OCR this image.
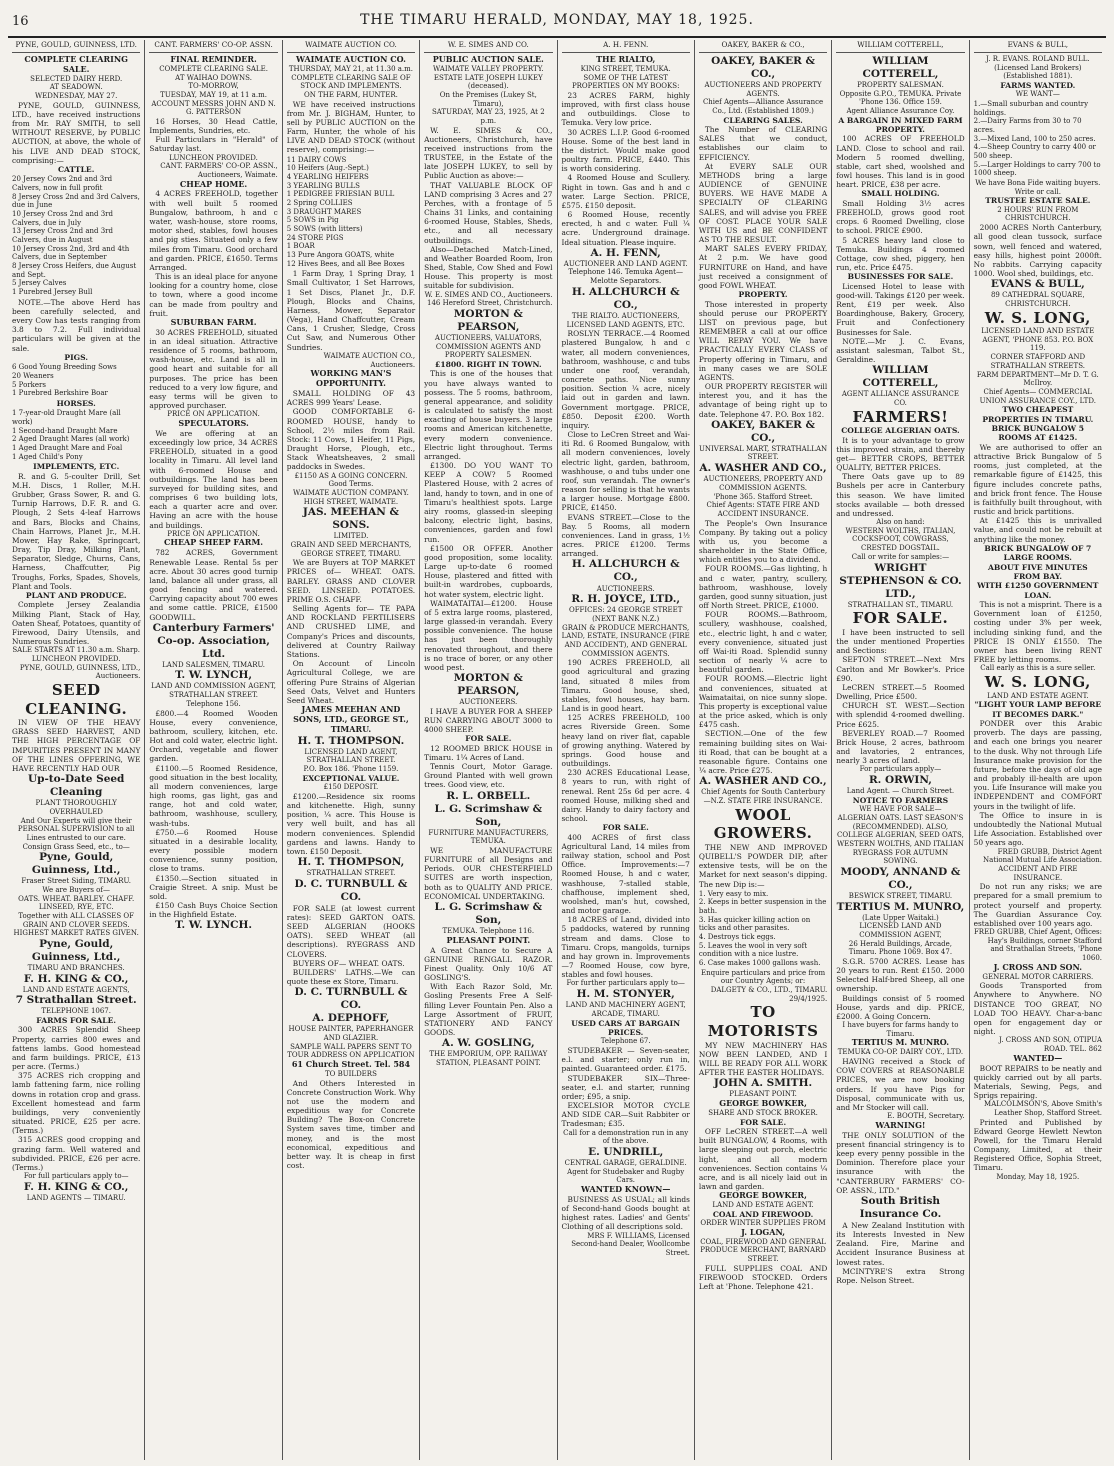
16	THE TIMARU HERALD, MONDAY, MAY 18, 1925.
PYNE, GOULD, GUINNESS, LTD.
COMPLETE CLEARING SALE.
SELECTED DAIRY HERD.
AT SEADOWN.
WEDNESDAY, MAY 27.
PYNE, GOULD, GUINNESS, LTD., have received instructions from Mr. RAY SMITH, to sell WITHOUT RESERVE, by PUBLIC AUCTION, at above, the whole of his LIVE AND DEAD STOCK, comprising:—
CATTLE.
20 Jersey Cows 2nd and 3rd Calvers, now in full profit
8 Jersey Cross 2nd and 3rd Calvers, due in June
10 Jersey Cross 2nd and 3rd Calvers, due in July
13 Jersey Cross 2nd and 3rd Calvers, due in August
10 Jersey Cross 2nd, 3rd and 4th Calvers, due in September
8 Jersey Cross Heifers, due August and Sept.
5 Jersey Calves
1 Purebred Jersey Bull
NOTE.—The above Herd has been carefully selected, and every Cow has tests ranging from 3.8 to 7.2. Full individual particulars will be given at the sale.
PIGS.
6 Good Young Breeding Sows
20 Weaners
5 Porkers
1 Purebred Berkshire Boar
HORSES.
1 7-year-old Draught Mare (all work)
1 Second-hand Draught Mare
2 Aged Draught Mares (all work)
1 Aged Draught Mare and Foal
1 Aged Child's Pony
IMPLEMENTS, ETC.
R. and G. 5-coulter Drill, Set M.H. Discs, 1 Roller, M.H. Grubber, Grass Sower, R. and G. Turnip Harrows, D.F. R. and G. Plough, 2 Sets 4-leaf Harrows and Bars, Blocks and Chains, Chain Harrows, Planet Jr., M.H. Mower, Hay Rake, Springcart, Dray, Tip Dray, Milking Plant, Separator, Sledge, Churns, Cans, Harness, Chaffcutter, Pig Troughs, Forks, Spades, Shovels, Plant and Tools.
PLANT AND PRODUCE.
Complete Jersey Zealandia Milking Plant, Stack of Hay, Oaten Sheaf, Potatoes, quantity of Firewood, Dairy Utensils, and Numerous Sundries.
SALE STARTS AT 11.30 a.m. Sharp.
LUNCHEON PROVIDED.
PYNE, GOULD, GUINNESS, LTD., Auctioneers.
SEED CLEANING.
IN VIEW OF THE HEAVY GRASS SEED HARVEST, AND THE HIGH PERCENTAGE OF IMPURITIES PRESENT IN MANY OF THE LINES OFFERING, WE HAVE RECENTLY HAD OUR
Up-to-Date Seed Cleaning
PLANT THOROUGHLY OVERHAULED
And Our Experts will give their PERSONAL SUPERVISION to all Lines entrusted to our care.
Consign Grass Seed, etc., to—
Pyne, Gould, Guinness, Ltd.,
Fraser Street Siding, TIMARU.
We are Buyers of—
OATS. WHEAT. BARLEY. CHAFF. LINSEED, RYE, ETC.
Together with ALL CLASSES OF GRAIN AND CLOVER SEEDS.
HIGHEST MARKET RATES GIVEN.
Pyne, Gould, Guinness, Ltd.,
TIMARU AND BRANCHES.
F. H. KING & CO.,
LAND AND ESTATE AGENTS,
7 Strathallan Street.
TELEPHONE 1067.
FARMS FOR SALE.
300 ACRES Splendid Sheep Property, carries 800 ewes and fattens lambs. Good homestead and farm buildings. PRICE, £13 per acre. (Terms.)
375 ACRES rich cropping and lamb fattening farm, nice rolling downs in rotation crop and grass. Excellent homestead and farm buildings, very conveniently situated. PRICE, £25 per acre. (Terms.)
315 ACRES good cropping and grazing farm. Well watered and subdivided. PRICE, £26 per acre. (Terms.)
For full particulars apply to—
F. H. KING & CO.,
LAND AGENTS — TIMARU.
CANT. FARMERS' CO-OP. ASSN.
FINAL REMINDER.
COMPLETE CLEARING SALE.
AT WAIHAO DOWNS.
TO-MORROW,
TUESDAY, MAY 19, at 11 a.m.
ACCOUNT MESSRS JOHN AND N. G. PATTERSON
16 Horses, 30 Head Cattle, Implements, Sundries, etc.
Full Particulars in "Herald" of Saturday last.
LUNCHEON PROVIDED.
CANT. FARMERS' CO-OP. ASSN., Auctioneers, Waimate.
CHEAP HOME.
4 ACRES FREEHOLD, together with well built 5 roomed Bungalow, bathroom, h and c water, wash-house, store rooms, motor shed, stables, fowl houses and pig sties. Situated only a few miles from Timaru. Good orchard and garden. PRICE, £1650. Terms Arranged.
This is an ideal place for anyone looking for a country home, close to town, where a good income can be made from poultry and fruit.
SUBURBAN FARM.
30 ACRES FREEHOLD, situated in an ideal situation. Attractive residence of 5 rooms, bathroom, wash-house, etc. Land is all in good heart and suitable for all purposes. The price has been reduced to a very low figure, and easy terms will be given to approved purchaser.
PRICE ON APPLICATION.
SPECULATORS.
We are offering at an exceedingly low price, 34 ACRES FREEHOLD, situated in a good locality in Timaru. All level land with 6-roomed House and outbuildings. The land has been surveyed for building sites, and comprises 6 two building lots, each a quarter acre and over. Having an acre with the house and buildings.
PRICE ON APPLICATION.
CHEAP SHEEP FARM.
782 ACRES, Government Renewable Lease. Rental 5s per acre. About 30 acres good turnip land, balance all under grass, all good fencing and watered. Carrying capacity about 700 ewes and some cattle. PRICE, £1500 GOODWILL.
Canterbury Farmers' Co-op. Association, Ltd.
LAND SALESMEN, TIMARU.
T. W. LYNCH,
LAND AND COMMISSION AGENT, STRATHALLAN STREET.
Telephone 156.
£800.—4 Roomed Wooden House, every convenience, bathroom, scullery, kitchen, etc. Hot and cold water, electric light. Orchard, vegetable and flower garden.
£1100.—5 Roomed Residence, good situation in the best locality, all modern conveniences, large high rooms, gas light, gas and range, hot and cold water, bathroom, washhouse, scullery, wash-tubs.
£750.—6 Roomed House situated in a desirable locality, every possible modern convenience, sunny position, close to trams.
£1350.—Section situated in Craigie Street. A snip. Must be sold.
£150 Cash Buys Choice Section in the Highfield Estate.
T. W. LYNCH.
WAIMATE AUCTION CO.
WAIMATE AUCTION CO.
THURSDAY, MAY 21, at 11.30 a.m.
COMPLETE CLEARING SALE OF STOCK AND IMPLEMENTS.
ON THE FARM, HUNTER.
WE have received instructions from Mr. J. BIGHAM, Hunter, to sell by PUBLIC AUCTION on the Farm, Hunter, the whole of his LIVE AND DEAD STOCK (without reserve), comprising:—
11 DAIRY COWS
10 Heifers (Aug.-Sept.)
4 YEARLING HEIFERS
3 YEARLING BULLS
1 PEDIGREE FRIESIAN BULL
2 Spring COLLIES
3 DRAUGHT MARES
5 SOWS in Pig
5 SOWS (with litters)
24 STORE PIGS
1 BOAR
13 Pure Angora GOATS, white
12 Hives Bees, and all Bee Boxes
1 Farm Dray, 1 Spring Dray, 1 Small Cultivator, 1 Set Harrows, 1 Set Discs, Planet Jr., D.F. Plough, Blocks and Chains, Harness, Mower, Separator (Vega), Hand Chaffcutter, Cream Cans, 1 Crusher, Sledge, Cross Cut Saw, and Numerous Other Sundries.
WAIMATE AUCTION CO., Auctioneers.
WORKING MAN'S OPPORTUNITY.
SMALL HOLDING OF 43 ACRES 999 Years' Lease.
GOOD COMFORTABLE 6-ROOMED HOUSE, handy to School, 2½ miles from Rail. Stock: 11 Cows, 1 Heifer, 11 Pigs, Draught Horse, Plough, etc., Stack Wheatsheaves, 2 small paddocks in Swedes.
£1150 AS A GOING CONCERN. Good Terms.
WAIMATE AUCTION COMPANY.
HIGH STREET, WAIMATE.
JAS. MEEHAN & SONS.
LIMITED.
GRAIN AND SEED MERCHANTS, GEORGE STREET, TIMARU.
We are Buyers at TOP MARKET PRICES of— WHEAT. OATS. BARLEY. GRASS AND CLOVER SEED. LINSEED. POTATOES. PRIME O.S. CHAFF.
Selling Agents for— TE PAPA AND ROCKLAND FERTILISERS AND CRUSHED LIME, and Company's Prices and discounts, delivered at Country Railway Stations.
On Account of Lincoln Agricultural College, we are offering Pure Strains of Algerian Seed Oats, Velvet and Hunters Seed Wheat.
JAMES MEEHAN AND SONS, LTD., GEORGE ST., TIMARU.
H. T. THOMPSON.
LICENSED LAND AGENT, STRATHALLAN STREET.
P.O. Box 186. 'Phone 1159.
EXCEPTIONAL VALUE.
£150 DEPOSIT.
£1200.—Residence six rooms and kitchenette. High, sunny position, ¼ acre. This House is very well built, and has all modern conveniences. Splendid gardens and lawns. Handy to town. £150 Deposit.
H. T. THOMPSON,
STRATHALLAN STREET.
D. C. TURNBULL & CO.
FOR SALE (at lowest current rates): SEED GARTON OATS. SEED ALGERIAN (HOOKS OATS). SEED WHEAT (all descriptions). RYEGRASS AND CLOVERS.
BUYERS OF— WHEAT. OATS.
BUILDERS' LATHS.—We can quote these ex Store, Timaru.
D. C. TURNBULL & CO.
A. DEPHOFF,
HOUSE PAINTER, PAPERHANGER AND GLAZIER.
SAMPLE WALL PAPERS SENT TO TOUR ADDRESS ON APPLICATION
61 Church Street. Tel. 584
TO BUILDERS
And Others Interested in Concrete Construction Work. Why not use the modern and expeditious way for Concrete Building? The Box-on Concrete System saves time, timber and money, and is the most economical, expeditious and better way. It is cheap in first cost.
W. E. SIMES AND CO.
PUBLIC AUCTION SALE.
WAIMATE VALLEY PROPERTY.
ESTATE LATE JOSEPH LUKEY (deceased).
On the Premises (Lukey St, Timaru),
SATURDAY, MAY 23, 1925, At 2 p.m.
W. E. SIMES & CO., Auctioneers, Christchurch, have received instructions from the TRUSTEE, in the Estate of the late JOSEPH LUKEY, to sell by Public Auction as above:—
THAT VALUABLE BLOCK OF LAND comprising 3 Acres and 27 Perches, with a frontage of 5 Chains 31 Links, and containing 6-roomed House, Stables, Sheds, etc., and all necessary outbuildings.
Also—Detached Match-Lined, and Weather Boarded Room, Iron Shed, Stable, Cow Shed and Fowl House. This property is most suitable for subdivision.
W. E. SIMES AND CO., Auctioneers. 146 Hereford Street, Christchurch.
MORTON & PEARSON,
AUCTIONEERS, VALUATORS, COMMISSION AGENTS AND PROPERTY SALESMEN.
£1800. RIGHT IN TOWN.
This is one of the houses that you have always wanted to possess. The 5 rooms, bathroom, general appearance, and solidity is calculated to satisfy the most exacting of house buyers. 3 large rooms and American kitchenette, every modern convenience. Electric light throughout. Terms arranged.
£1300. DO YOU WANT TO KEEP A COW? 5 Roomed Plastered House, with 2 acres of land, handy to town, and in one of Timaru's healthiest spots. Large airy rooms, glassed-in sleeping balcony, electric light, basins, conveniences, garden and fowl run.
£1500 OR OFFER. Another good proposition, some locality. Large up-to-date 6 roomed House, plastered and fitted with built-in wardrobes, cupboards, hot water system, electric light.
WAIMATAITAI—£1200. House of 5 extra large rooms, plastered, large glassed-in verandah. Every possible convenience. The house has just been thoroughly renovated throughout, and there is no trace of borer, or any other wood pest.
MORTON & PEARSON,
AUCTIONEERS.
I HAVE A BUYER FOR A SHEEP RUN CARRYING ABOUT 3000 to 4000 SHEEP.
FOR SALE.
12 ROOMED BRICK HOUSE in Timaru. 1¼ Acres of Land.
Tennis Court, Motor Garage. Ground Planted with well grown trees. Good view, etc.
R. L. ORBELL.
L. G. Scrimshaw & Son,
FURNITURE MANUFACTURERS, TEMUKA.
WE MANUFACTURE FURNITURE of all Designs and Periods. OUR CHESTERFIELD SUITES are worth inspection, both as to QUALITY AND PRICE. ECONOMICAL UNDERTAKING.
L. G. Scrimshaw & Son,
TEMUKA. Telephone 116.
PLEASANT POINT.
A Great Chance to Secure A GENUINE RENGALL RAZOR. Finest Quality. Only 10/6 AT GOSLING'S.
With Each Razor Sold, Mr. Gosling Presents Free A Self-filling Lever Fountain Pen. Also a Large Assortment of FRUIT, STATIONERY AND FANCY GOODS.
A. W. GOSLING,
THE EMPORIUM, OPP. RAILWAY STATION, PLEASANT POINT.
A. H. FENN.
THE RIALTO,
KING STREET, TEMUKA.
SOME OF THE LATEST PROPERTIES ON MY BOOKS:
23 ACRES FARM, highly improved, with first class house and outbuildings. Close to Temuka. Very low price.
30 ACRES L.I.P. Good 6-roomed House. Some of the best land in the district. Would make good poultry farm. PRICE, £440. This is worth considering.
4 Roomed House and Scullery. Right in town. Gas and h and c water. Large Section. PRICE, £575. £150 deposit.
6 Roomed House, recently erected, h and c water. Full ¼ acre. Underground drainage. Ideal situation. Please inquire.
A. H. FENN,
AUCTIONEER AND LAND AGENT.
Telephone 146. Temuka Agent—Melotte Separators.
H. ALLCHURCH & CO.,
THE RIALTO. AUCTIONEERS, LICENSED LAND AGENTS, ETC.
ROSLYN TERRACE.—4 Roomed plastered Bungalow, h and c water, all modern conveniences, bathroom, washhouse, c and tubs under one roof, verandah, concrete paths. Nice sunny position. Section ¼ acre, nicely laid out in garden and lawn. Government mortgage. PRICE, £850. Deposit £200. Worth inquiry.
Close to LeCren Street and Wai-iti Rd. 6 Roomed Bungalow, with all modern conveniences, lovely electric light, garden, bathroom, washhouse, o and tubs under one roof, sun verandah. The owner's reason for selling is that he wants a larger house. Mortgage £800. PRICE, £1450.
EVANS STREET.—Close to the Bay. 5 Rooms, all modern conveniences. Land in grass, 1½ acres. PRICE £1200. Terms arranged.
H. ALLCHURCH & CO.,
AUCTIONEERS.
R. H. JOYCE, LTD.,
OFFICES: 24 GEORGE STREET (NEXT BANK N.Z.)
GRAIN & PRODUCE MERCHANTS, LAND, ESTATE, INSURANCE (FIRE AND ACCIDENT), AND GENERAL COMMISSION AGENTS.
190 ACRES FREEHOLD, all good agricultural and grazing land, situated 8 miles from Timaru. Good house, shed, stables, fowl houses, hay barn. Land is in good heart.
125 ACRES FREEHOLD, 100 acres Riverside Green. Some heavy land on river flat, capable of growing anything. Watered by springs. Good house and outbuildings.
230 ACRES Educational Lease, 8 years to run, with right of renewal. Rent 25s 6d per acre. 4 roomed House, milking shed and dairy. Handy to dairy factory and school.
FOR SALE.
400 ACRES of first class Agricultural Land, 14 miles from railway station, school and Post Office. Improvements:—7 Roomed House, h and c water, washhouse, 7-stalled stable, chaffhouse, implement shed, woolshed, man's hut, cowshed, and motor garage.
18 ACRES of Land, divided into 5 paddocks, watered by running stream and dams. Close to Timaru. Crops, mangolds, turnips and hay grown in. Improvements—7 Roomed House, cow byre, stables and fowl houses.
For further particulars apply to—
H. M. STONYER,
LAND AND MACHINERY AGENT, ARCADE, TIMARU.
USED CARS AT BARGAIN PRICES.
Telephone 67.
STUDEBAKER — Seven-seater, e.l. and starter; only run in, painted. Guaranteed order. £175.
STUDEBAKER SIX—Three-seater, e.l. and starter, running order; £95, a snip.
EXCELSIOR MOTOR CYCLE AND SIDE CAR—Suit Rabbiter or Tradesman; £35.
Call for a demonstration run in any of the above.
E. UNDRILL,
CENTRAL GARAGE, GERALDINE.
Agent for Studebaker and Rugby Cars.
WANTED KNOWN—
BUSINESS AS USUAL; all kinds of Second-hand Goods bought at highest rates. Ladies' and Gents' Clothing of all descriptions sold.
MRS F. WILLIAMS, Licensed Second-hand Dealer, Woollcombe Street.
OAKEY, BAKER & CO.,
OAKEY, BAKER & CO.,
AUCTIONEERS AND PROPERTY AGENTS.
Chief Agents—Alliance Assurance Co., Ltd. (Established 1809.)
CLEARING SALES.
The Number of CLEARING SALES that we conduct, establishes our claim to EFFICIENCY.
At EVERY SALE OUR METHODS bring a large AUDIENCE of GENUINE BUYERS. WE HAVE MADE A SPECIALTY OF CLEARING SALES, and will advise you FREE OF COST. PLACE YOUR SALE WITH US and BE CONFIDENT AS TO THE RESULT.
MART SALES EVERY FRIDAY, At 2 p.m. We have good FURNITURE on Hand, and have just received a consignment of good FOWL WHEAT.
PROPERTY.
Those interested in property should peruse our PROPERTY LIST on previous page, but REMEMBER a call at our office WILL REPAY YOU. We have PRACTICALLY EVERY CLASS of Property offering in Timaru, and in many cases we are SOLE AGENTS.
OUR PROPERTY REGISTER will interest you, and it has the advantage of being right up to date. Telephone 47. P.O. Box 182.
OAKEY, BAKER & CO.,
UNIVERSAL MART, STRATHALLAN STREET.
A. WASHER AND CO.,
AUCTIONEERS, PROPERTY AND COMMISSION AGENTS.
'Phone 365. Stafford Street.
Chief Agents: STATE FIRE AND ACCIDENT INSURANCE.
The People's Own Insurance Company. By taking out a policy with us, you become a shareholder in the State Office, which entitles you to a dividend.
FOUR ROOMS.—Gas lighting, h and c water, pantry, scullery, bathroom, washhouse, lovely garden, good sunny situation, just off North Street. PRICE, £1000.
FOUR ROOMS.—Bathroom, scullery, washhouse, coalshed, etc., electric light, h and c water, every convenience, situated just off Wai-iti Road. Splendid sunny section of nearly ¼ acre to beautiful garden.
FOUR ROOMS.—Electric light and conveniences, situated at Waimataitai, on nice sunny slope. This property is exceptional value at the price asked, which is only £475 cash.
SECTION.—One of the few remaining building sites on Wai-iti Road, that can be bought at a reasonable figure. Contains one ¼ acre. Price £275.
A. WASHER AND CO.,
Chief Agents for South Canterbury—N.Z. STATE FIRE INSURANCE.
WOOL GROWERS.
THE NEW AND IMPROVED QUIBELL'S POWDER DIP, after extensive tests, will be on the Market for next season's dipping. The new Dip is:—
1. Very easy to mix.
2. Keeps in better suspension in the bath.
3. Has quicker killing action on ticks and other parasites.
4. Destroys tick eggs.
5. Leaves the wool in very soft condition with a nice lustre.
6. Case makes 1000 gallons wash.
Enquire particulars and price from our Country Agents; or:
DALGETY & CO., LTD., TIMARU. 29/4/1925.
TO MOTORISTS
MY NEW MACHINERY HAS NOW BEEN LANDED, AND I WILL BE READY FOR ALL WORK AFTER THE EASTER HOLIDAYS.
JOHN A. SMITH.
PLEASANT POINT.
GEORGE BOWKER,
SHARE AND STOCK BROKER.
FOR SALE.
OFF LeCREN STREET.—A well built BUNGALOW, 4 Rooms, with large sleeping out porch, electric light, and all modern conveniences. Section contains ¼ acre, and is all nicely laid out in lawn and garden.
GEORGE BOWKER,
LAND AND ESTATE AGENT.
COAL AND FIREWOOD.
ORDER WINTER SUPPLIES FROM
J. LOGAN,
COAL, FIREWOOD AND GENERAL PRODUCE MERCHANT, BARNARD STREET.
FULL SUPPLIES COAL AND FIREWOOD STOCKED. Orders Left at 'Phone. Telephone 421.
WILLIAM COTTERELL,
WILLIAM COTTERELL,
PROPERTY SALESMAN.
Opposite G.P.O., TEMUKA. Private 'Phone 136. Office 159.
Agent Alliance Assurance Coy.
A BARGAIN IN MIXED FARM PROPERTY.
100 ACRES OF FREEHOLD LAND. Close to school and rail. Modern 5 roomed dwelling, stable, cart shed, woolshed and fowl houses. This land is in good heart. PRICE, £38 per acre.
SMALL HOLDING.
Small Holding 3½ acres FREEHOLD, grows good root crops. 6 Roomed Dwelling, close to school. PRICE £900.
5 ACRES heavy land close to Temuka. Buildings 4 roomed Cottage, cow shed, piggery, hen run, etc. Price £475.
BUSINESSES FOR SALE.
Licensed Hotel to lease with good-will. Takings £120 per week. Rent, £19 per week. Also Boardinghouse, Bakery, Grocery, Fruit and Confectionery Businesses for Sale.
NOTE.—Mr J. C. Evans, assistant salesman, Talbot St., Geraldine.
WILLIAM COTTERELL,
AGENT ALLIANCE ASSURANCE CO.
FARMERS!
COLLEGE ALGERIAN OATS.
It is to your advantage to grow this improved strain, and thereby get— BETTER CROPS, BETTER QUALITY, BETTER PRICES.
There Oats gave up to 89 Bushels per acre in Canterbury this season. We have limited stocks available — both dressed and undressed.
Also on hand:
WESTERN WOLTHS, ITALIAN, COCKSFOOT, COWGRASS, CRESTED DOGSTAIL.
Call or write for samples:—
WRIGHT STEPHENSON & CO. LTD.,
STRATHALLAN ST., TIMARU.
FOR SALE.
I have been instructed to sell the under mentioned Properties and Sections:
SEFTON STREET.—Next Mrs Carlton and Mr Bowker's. Price £90.
LeCREN STREET.—5 Roomed Dwelling, Price £500.
CHURCH ST. WEST.—Section with splendid 4-roomed dwelling. Price £625.
BEVERLEY ROAD.—7 Roomed Brick House, 2 acres, bathroom and lavatories, 2 entrances, nearly 3 acres of land.
For particulars apply—
R. ORWIN,
Land Agent. — Church Street.
NOTICE TO FARMERS
WE HAVE FOR SALE—
ALGERIAN OATS. LAST SEASON'S (RECOMMENDED). ALSO, COLLEGE ALGERIAN, SEED OATS, WESTERN WOLTHS, AND ITALIAN RYEGRASS FOR AUTUMN SOWING.
MOODY, ANNAND & CO.,
BESWICK STREET, TIMARU.
TERTIUS M. MUNRO,
(Late Upper Waitaki.)
LICENSED LAND AND COMMISSION AGENT,
26 Herald Buildings, Arcade, Timaru. Phone 1069. Box 47.
S.G.R. 5700 ACRES. Lease has 20 years to run. Rent £150. 2000 Selected Half-bred Sheep, all one ownership.
Buildings consist of 5 roomed House, yards and dip. PRICE, £2000. A Going Concern.
I have buyers for farms handy to Timaru.
TERTIUS M. MUNRO.
TEMUKA CO-OP. DAIRY COY., LTD.
HAVING received a Stock of COW COVERS at REASONABLE PRICES, we are now booking orders. If you have Pigs for Disposal, communicate with us, and Mr Stocker will call.
E. BOOTH, Secretary.
WARNING!
THE ONLY SOLUTION of the present financial stringency is to keep every penny possible in the Dominion. Therefore place your insurance with the "CANTERBURY FARMERS' CO-OP. ASSN., LTD."
South British Insurance Co.
A New Zealand Institution with its Interests Invested in New Zealand. Fire, Marine and Accident Insurance Business at lowest rates.
MCINTYRE'S extra Strong Rope. Nelson Street.
EVANS & BULL,
J. R. EVANS. ROLAND BULL. (Licensed Land Brokers) (Established 1881).
FARMS WANTED.
WE WANT—
1.—Small suburban and country holdings.
2.—Dairy Farms from 30 to 70 acres.
3.—Mixed Land, 100 to 250 acres.
4.—Sheep Country to carry 400 or 500 sheep.
5.—Larger Holdings to carry 700 to 1000 sheep.
We have Bona Fide waiting buyers. Write or call.
TRUSTEE ESTATE SALE.
2 HOURS' RUN FROM CHRISTCHURCH.
2000 ACRES North Canterbury, all good clean tussock, surface sown, well fenced and watered, easy hills, highest point 2000ft. No rabbits. Carrying capacity 1000. Wool shed, buildings, etc.
EVANS & BULL,
89 CATHEDRAL SQUARE, CHRISTCHURCH.
W. S. LONG,
LICENSED LAND AND ESTATE AGENT, 'PHONE 853. P.O. BOX 119.
CORNER STAFFORD AND STRATHALLAN STREETS.
FARM DEPARTMENT—Mr D. T. G. McIlroy.
Chief Agents— COMMERCIAL UNION ASSURANCE COY., LTD.
TWO CHEAPEST PROPERTIES IN TIMARU.
BRICK BUNGALOW 5 ROOMS AT £1425.
We are authorised to offer an attractive Brick Bungalow of 5 rooms, just completed, at the remarkable figure of £1425, this figure includes concrete paths, and brick front fence. The House is faithfully built throughout, with rustic and brick partitions.
At £1425 this is unrivalled value, and could not be rebuilt at anything like the money.
BRICK BUNGALOW OF 7 LARGE ROOMS.
ABOUT FIVE MINUTES FROM BAY.
WITH £1250 GOVERNMENT LOAN.
This is not a misprint. There is a Government loan of £1250, costing under 3% per week, including sinking fund, and the PRICE IS ONLY £1550. The owner has been living RENT FREE by letting rooms.
Call early as this is a sure seller.
W. S. LONG,
LAND AND ESTATE AGENT.
"LIGHT YOUR LAMP BEFORE IT BECOMES DARK."
PONDER over this Arabic proverb. The days are passing, and each one brings you nearer to the dusk. Why not through Life Insurance make provision for the future, before the days of old age and probably ill-health are upon you. Life Insurance will make you INDEPENDENT and COMFORT yours in the twilight of life.
The Office to insure in is undoubtedly the National Mutual Life Association. Established over 50 years ago.
FRED GRUBB, District Agent National Mutual Life Association.
ACCIDENT AND FIRE INSURANCE.
Do not run any risks; we are prepared for a small premium to protect yourself and property. The Guardian Assurance Coy. established over 100 years ago.
FRED GRUBB, Chief Agent, Offices: Hay's Buildings, corner Stafford and Strathallan Streets, 'Phone 1060.
J. CROSS AND SON.
GENERAL MOTOR CARRIERS.
Goods Transported from Anywhere to Anywhere. NO DISTANCE TOO GREAT, NO LOAD TOO HEAVY. Char-a-banc open for engagement day or night.
J. CROSS AND SON, OTIPUA ROAD. TEL. 862
WANTED—
BOOT REPAIRS to be neatly and quickly carried out by all parts. Materials, Sewing, Pegs, and Sprigs repairing.
MALCOLMSON'S, Above Smith's Leather Shop, Stafford Street.
Printed and Published by Edward George Hewlett Newton Powell, for the Timaru Herald Company, Limited, at their Registered Office, Sophia Street, Timaru.
Monday, May 18, 1925.
